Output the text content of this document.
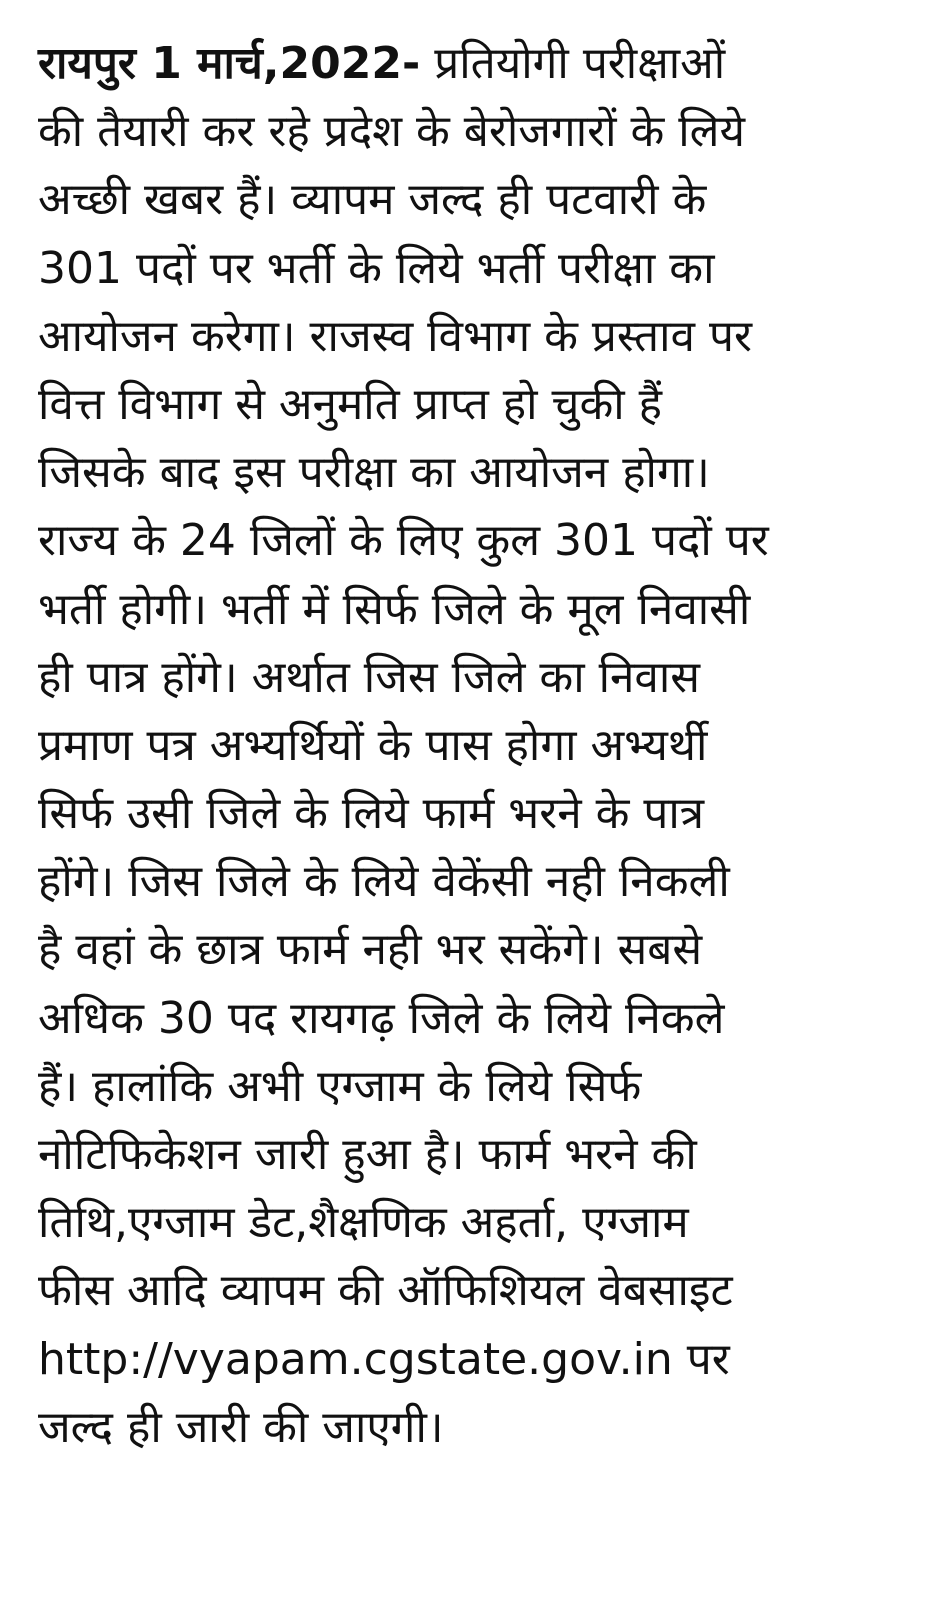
रायपुर 1 मार्च,2022- प्रतियोगी परीक्षाओं
की तैयारी कर रहे प्रदेश के बेरोजगारों के लिये
अच्छी खबर हैं। व्यापम जल्द ही पटवारी के
301 पदों पर भर्ती के लिये भर्ती परीक्षा का
आयोजन करेगा। राजस्व विभाग के प्रस्ताव पर
वित्त विभाग से अनुमति प्राप्त हो चुकी हैं
जिसके बाद इस परीक्षा का आयोजन होगा।
राज्य के 24 जिलों के लिए कुल 301 पदों पर
भर्ती होगी। भर्ती में सिर्फ जिले के मूल निवासी
ही पात्र होंगे। अर्थात जिस जिले का निवास
प्रमाण पत्र अभ्यर्थियों के पास होगा अभ्यर्थी
सिर्फ उसी जिले के लिये फार्म भरने के पात्र
होंगे। जिस जिले के लिये वेकेंसी नही निकली
है वहां के छात्र फार्म नही भर सकेंगे। सबसे
अधिक 30 पद रायगढ़ जिले के लिये निकले
हैं। हालांकि अभी एग्जाम के लिये सिर्फ
नोटिफिकेशन जारी हुआ है। फार्म भरने की
तिथि,एग्जाम डेट,शैक्षणिक अहर्ता, एग्जाम
फीस आदि व्यापम की ऑफिशियल वेबसाइट
http://vyapam.cgstate.gov.in पर
जल्द ही जारी की जाएगी।
